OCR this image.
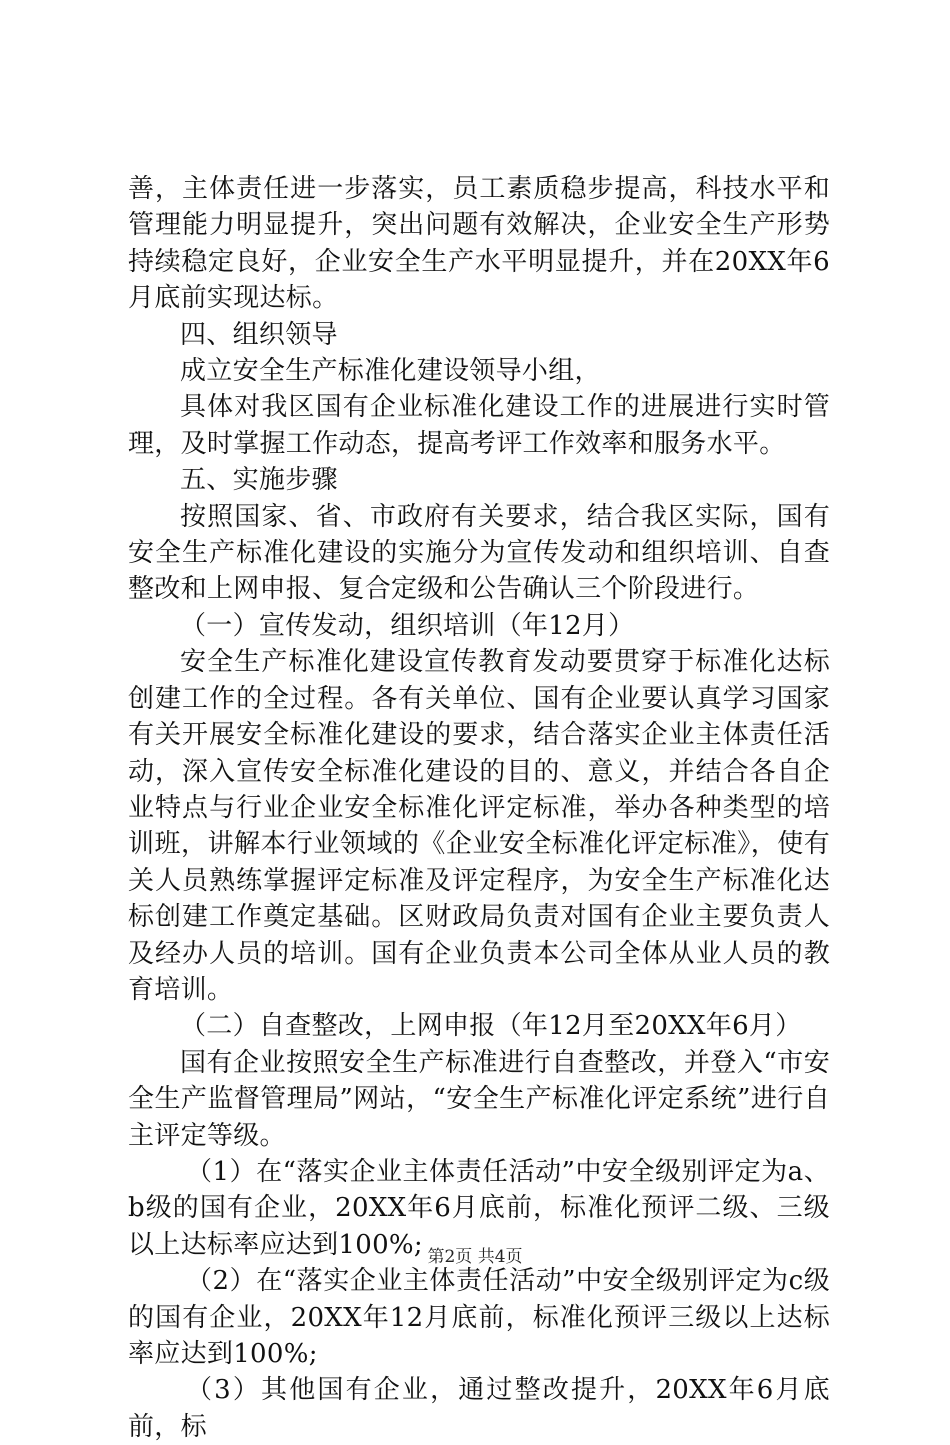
善，主体责任进一步落实，员工素质稳步提高，科技水平和管理能力明显提升，突出问题有效解决，企业安全生产形势持续稳定良好，企业安全生产水平明显提升，并在20XX年6月底前实现达标。

四、组织领导

成立安全生产标准化建设领导小组，

具体对我区国有企业标准化建设工作的进展进行实时管理，及时掌握工作动态，提高考评工作效率和服务水平。

五、实施步骤

按照国家、省、市政府有关要求，结合我区实际，国有安全生产标准化建设的实施分为宣传发动和组织培训、自查整改和上网申报、复合定级和公告确认三个阶段进行。

（一）宣传发动，组织培训（年12月）

安全生产标准化建设宣传教育发动要贯穿于标准化达标创建工作的全过程。各有关单位、国有企业要认真学习国家有关开展安全标准化建设的要求，结合落实企业主体责任活动，深入宣传安全标准化建设的目的、意义，并结合各自企业特点与行业企业安全标准化评定标准，举办各种类型的培训班，讲解本行业领域的《企业安全标准化评定标准》，使有关人员熟练掌握评定标准及评定程序，为安全生产标准化达标创建工作奠定基础。区财政局负责对国有企业主要负责人及经办人员的培训。国有企业负责本公司全体从业人员的教育培训。

（二）自查整改，上网申报（年12月至20XX年6月）

国有企业按照安全生产标准进行自查整改，并登入“市安全生产监督管理局”网站，“安全生产标准化评定系统”进行自主评定等级。

（1）在“落实企业主体责任活动”中安全级别评定为a、b级的国有企业，20XX年6月底前，标准化预评二级、三级以上达标率应达到100%;

（2）在“落实企业主体责任活动”中安全级别评定为c级的国有企业，20XX年12月底前，标准化预评三级以上达标率应达到100%;

（3）其他国有企业，通过整改提升，20XX年6月底前，标

第2页 共4页
